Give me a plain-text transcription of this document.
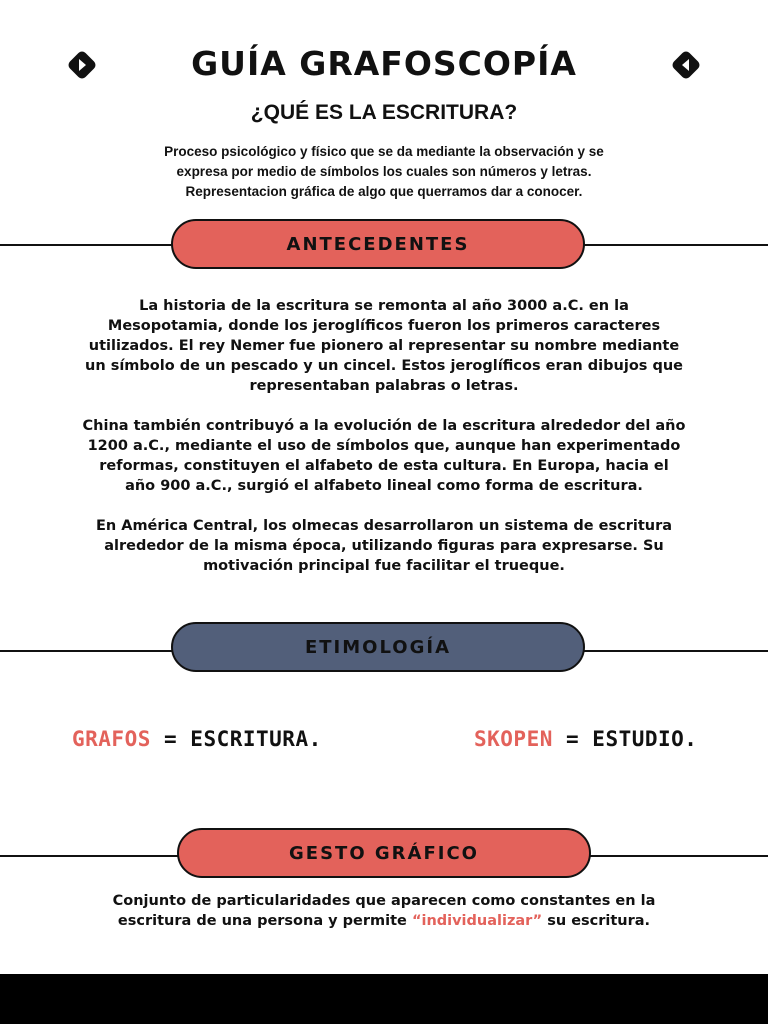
GUÍA GRAFOSCOPÍA
¿QUÉ ES LA ESCRITURA?
Proceso psicológico y físico que se da mediante la observación y se
expresa por medio de símbolos los cuales son números y letras.
Representacion gráfica de algo que querramos dar a conocer.
ANTECEDENTES

La historia de la escritura se remonta al año 3000 a.C. en la
Mesopotamia, donde los jeroglíficos fueron los primeros caracteres
utilizados. El rey Nemer fue pionero al representar su nombre mediante
un símbolo de un pescado y un cincel. Estos jeroglíficos eran dibujos que
representaban palabras o letras.

China también contribuyó a la evolución de la escritura alrededor del año
1200 a.C., mediante el uso de símbolos que, aunque han experimentado
reformas, constituyen el alfabeto de esta cultura. En Europa, hacia el
año 900 a.C., surgió el alfabeto lineal como forma de escritura.

En América Central, los olmecas desarrollaron un sistema de escritura
alrededor de la misma época, utilizando figuras para expresarse. Su
motivación principal fue facilitar el trueque.

ETIMOLOGÍA
GRAFOS = ESCRITURA.	SKOPEN = ESTUDIO.
GESTO GRÁFICO
Conjunto de particularidades que aparecen como constantes en la
escritura de una persona y permite “individualizar” su escritura.
